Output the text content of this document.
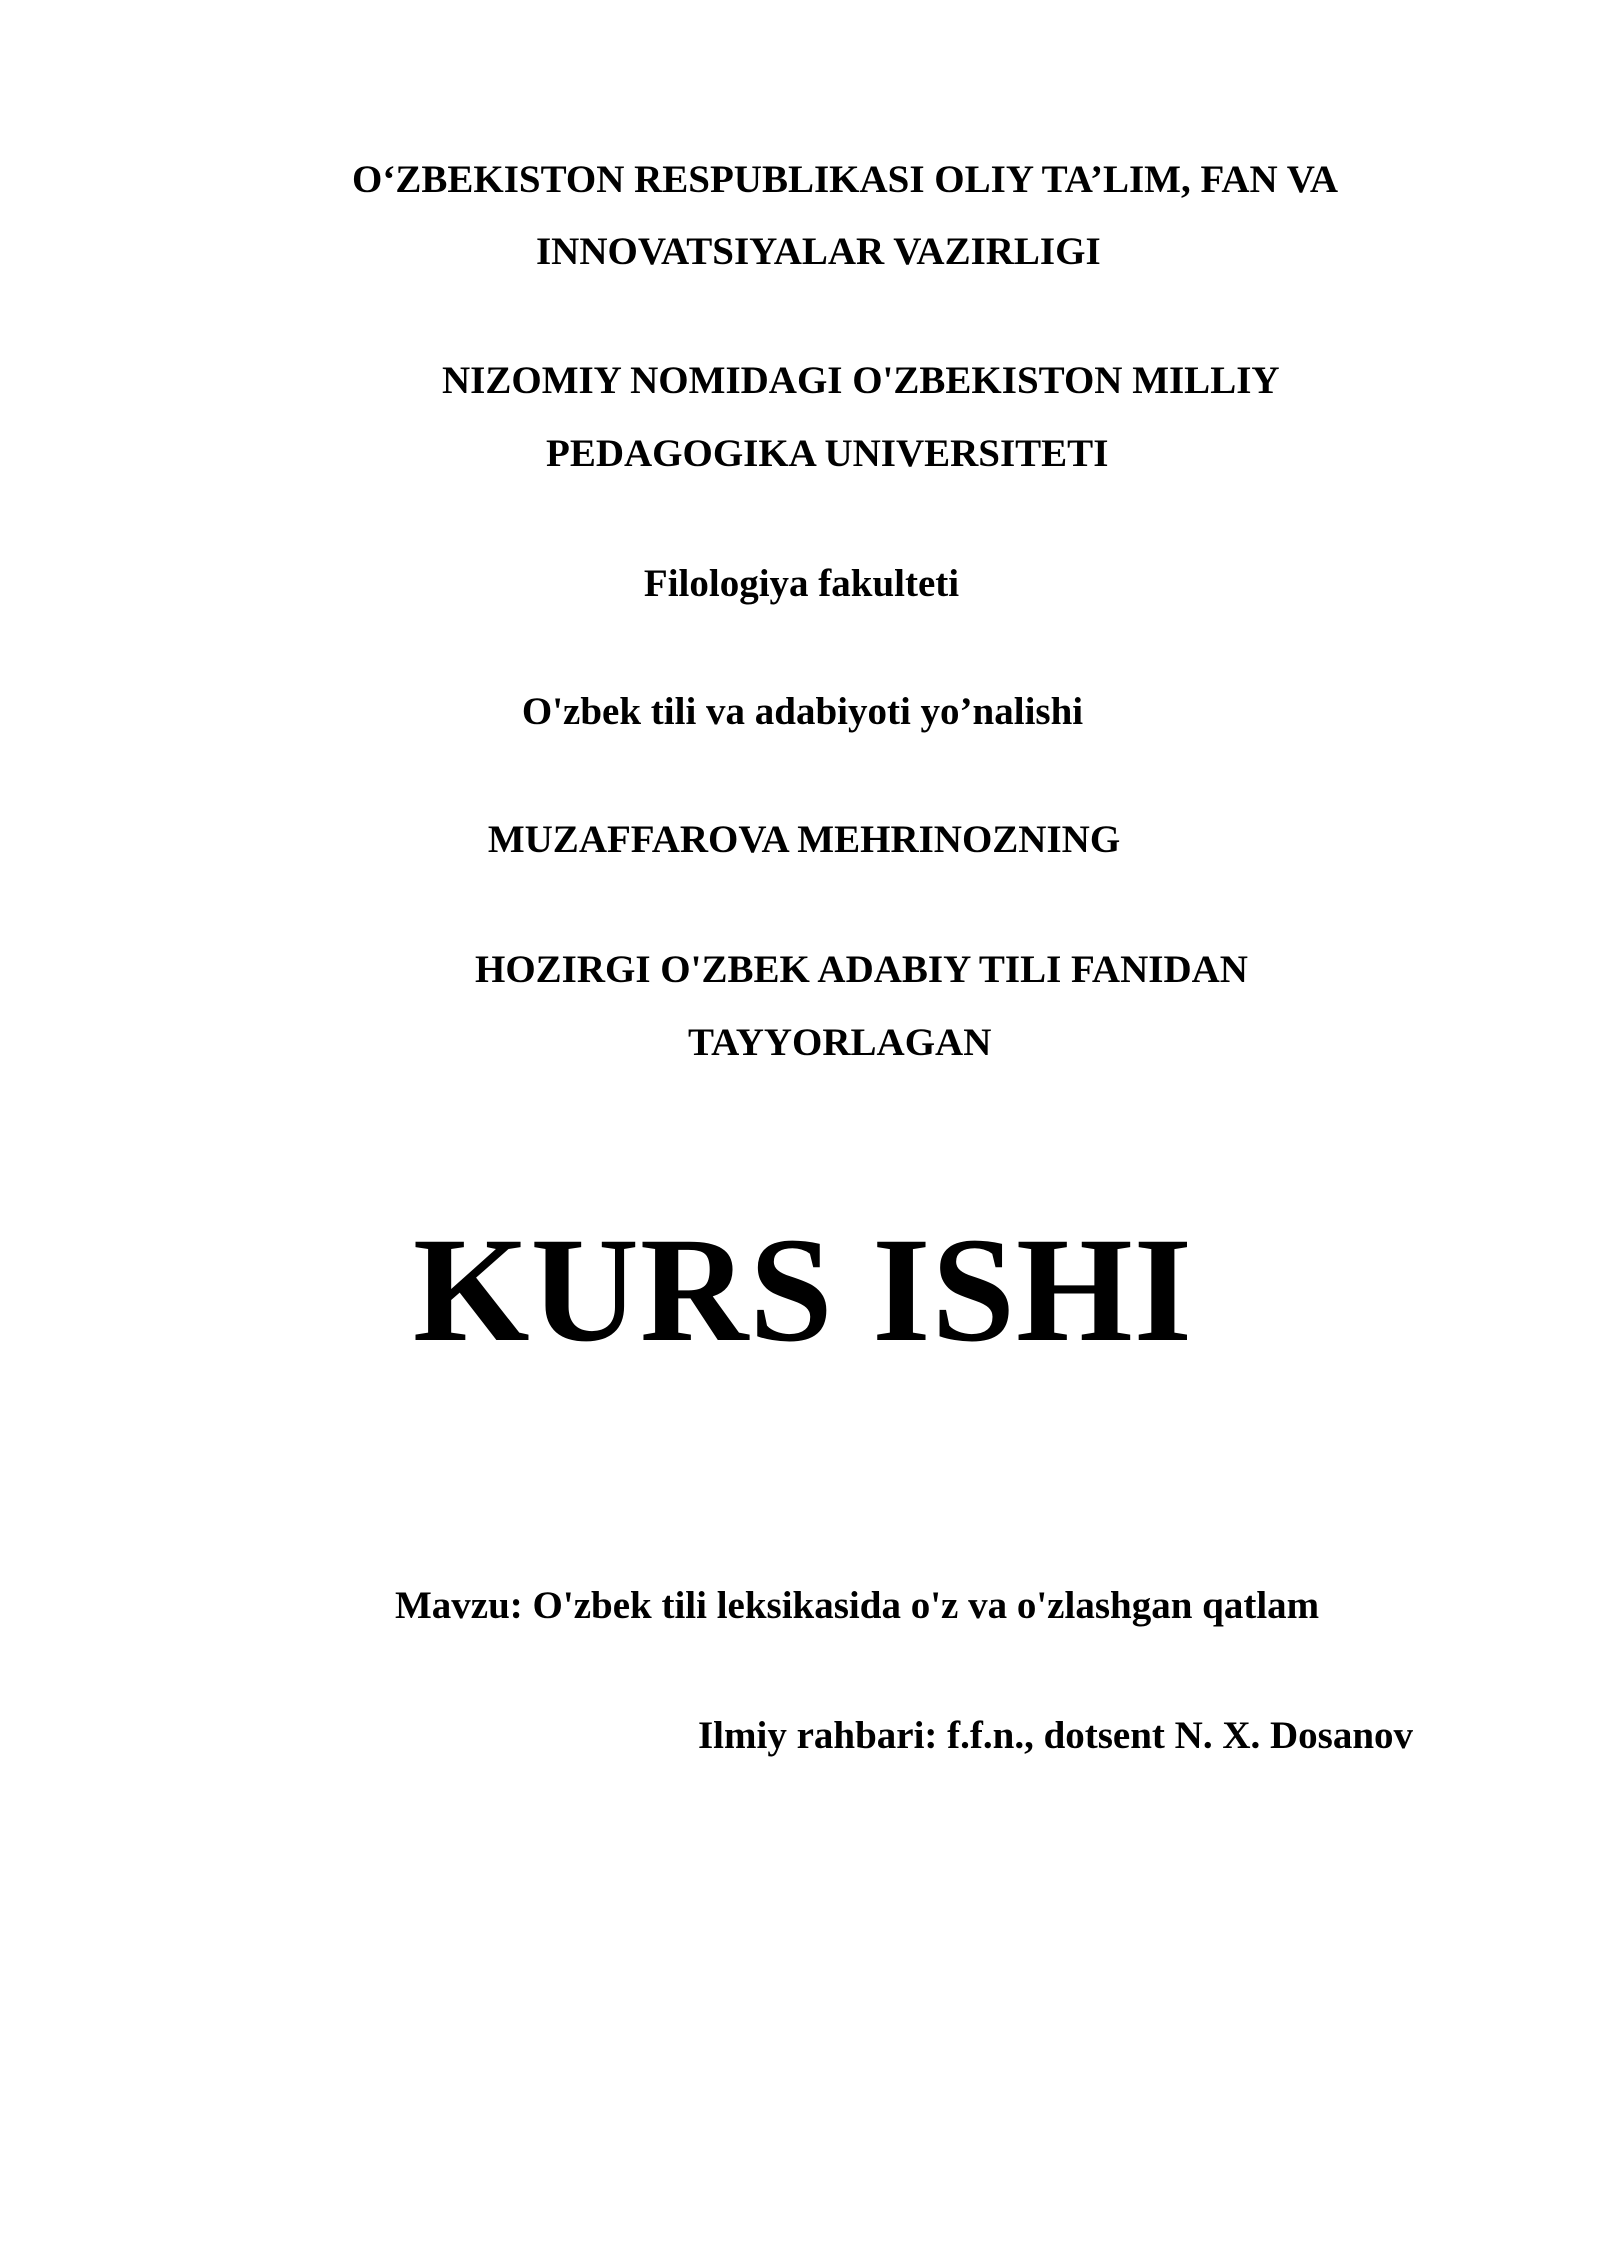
O‘ZBEKISTON RESPUBLIKASI OLIY TA’LIM, FAN VA
INNOVATSIYALAR VAZIRLIGI
NIZOMIY NOMIDAGI O'ZBEKISTON MILLIY
PEDAGOGIKA UNIVERSITETI
Filologiya fakulteti
O'zbek tili va adabiyoti yo’nalishi
MUZAFFAROVA MEHRINOZNING
HOZIRGI O'ZBEK ADABIY TILI FANIDAN
TAYYORLAGAN
KURS ISHI
Mavzu: O'zbek tili leksikasida o'z va o'zlashgan qatlam
Ilmiy rahbari: f.f.n., dotsent N. X. Dosanov
